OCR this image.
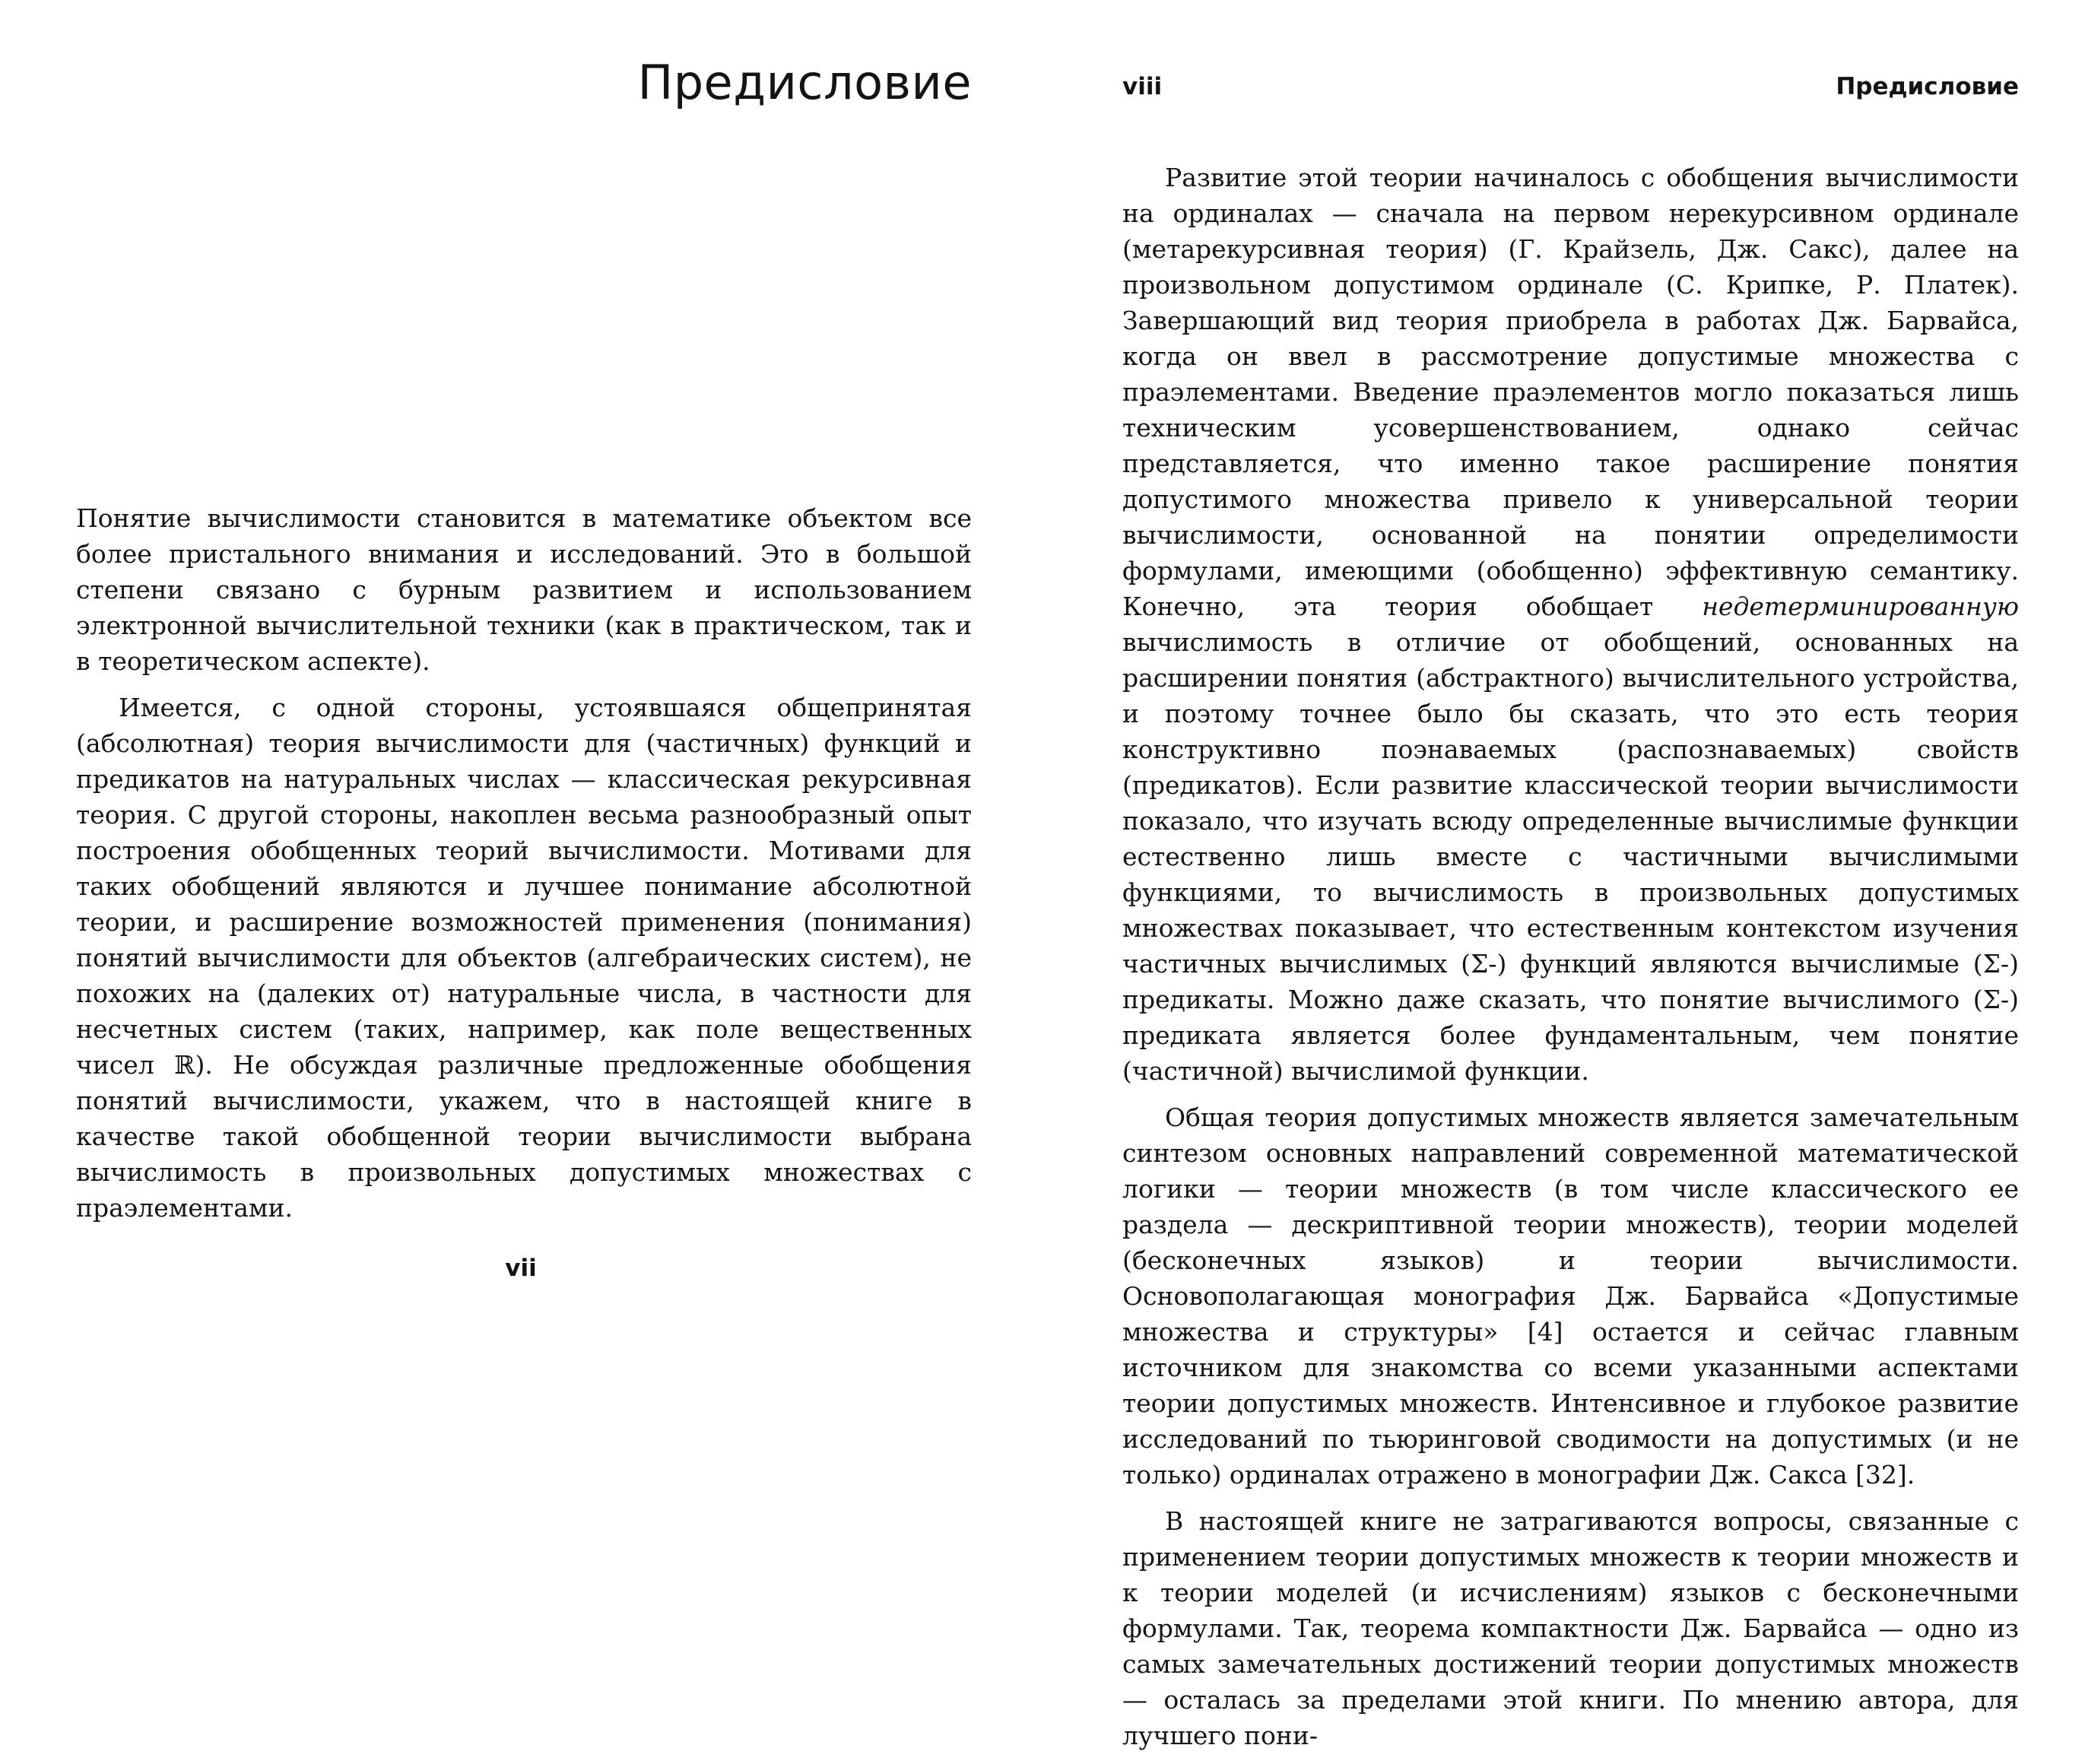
Предисловие

Понятие вычислимости становится в математике объектом все более пристального внимания и исследований. Это в большой степени связано с бурным развитием и использованием электронной вычислительной техники (как в практическом, так и в теоретическом аспекте).

Имеется, с одной стороны, устоявшаяся общепринятая (абсолютная) теория вычислимости для (частичных) функций и предикатов на натуральных числах — классическая рекурсивная теория. С другой стороны, накоплен весьма разнообразный опыт построения обобщенных теорий вычислимости. Мотивами для таких обобщений являются и лучшее понимание абсолютной теории, и расширение возможностей применения (понимания) понятий вычислимости для объектов (алгебраических систем), не похожих на (далеких от) натуральные числа, в частности для несчетных систем (таких, например, как поле вещественных чисел ℝ). Не обсуждая различные предложенные обобщения понятий вычислимости, укажем, что в настоящей книге в качестве такой обобщенной теории вычислимости выбрана вычислимость в произвольных допустимых множествах с праэлементами.

vii
viii	Предисловие

Развитие этой теории начиналось с обобщения вычислимости на ординалах — сначала на первом нерекурсивном ординале (метарекурсивная теория) (Г. Крайзель, Дж. Сакс), далее на произвольном допустимом ординале (С. Крипке, Р. Платек). Завершающий вид теория приобрела в работах Дж. Барвайса, когда он ввел в рассмотрение допустимые множества с праэлементами. Введение праэлементов могло показаться лишь техническим усовершенствованием, однако сейчас представляется, что именно такое расширение понятия допустимого множества привело к универсальной теории вычислимости, основанной на понятии определимости формулами, имеющими (обобщенно) эффективную семантику. Конечно, эта теория обобщает недетерминированную вычислимость в отличие от обобщений, основанных на расширении понятия (абстрактного) вычислительного устройства, и поэтому точнее было бы сказать, что это есть теория конструктивно поэнаваемых (распознаваемых) свойств (предикатов). Если развитие классической теории вычислимости показало, что изучать всюду определенные вычислимые функции естественно лишь вместе с частичными вычислимыми функциями, то вычислимость в произвольных допустимых множествах показывает, что естественным контекстом изучения частичных вычислимых (Σ-) функций являются вычислимые (Σ-) предикаты. Можно даже сказать, что понятие вычислимого (Σ-) предиката является более фундаментальным, чем понятие (частичной) вычислимой функции.

Общая теория допустимых множеств является замечательным синтезом основных направлений современной математической логики — теории множеств (в том числе классического ее раздела — дескриптивной теории множеств), теории моделей (бесконечных языков) и теории вычислимости. Основополагающая монография Дж. Барвайса «Допустимые множества и структуры» [4] остается и сейчас главным источником для знакомства со всеми указанными аспектами теории допустимых множеств. Интенсивное и глубокое развитие исследований по тьюринговой сводимости на допустимых (и не только) ординалах отражено в монографии Дж. Сакса [32].

В настоящей книге не затрагиваются вопросы, связанные с применением теории допустимых множеств к теории множеств и к теории моделей (и исчислениям) языков с бесконечными формулами. Так, теорема компактности Дж. Барвайса — одно из самых замечательных достижений теории допустимых множеств — осталась за пределами этой книги. По мнению автора, для лучшего пони-
